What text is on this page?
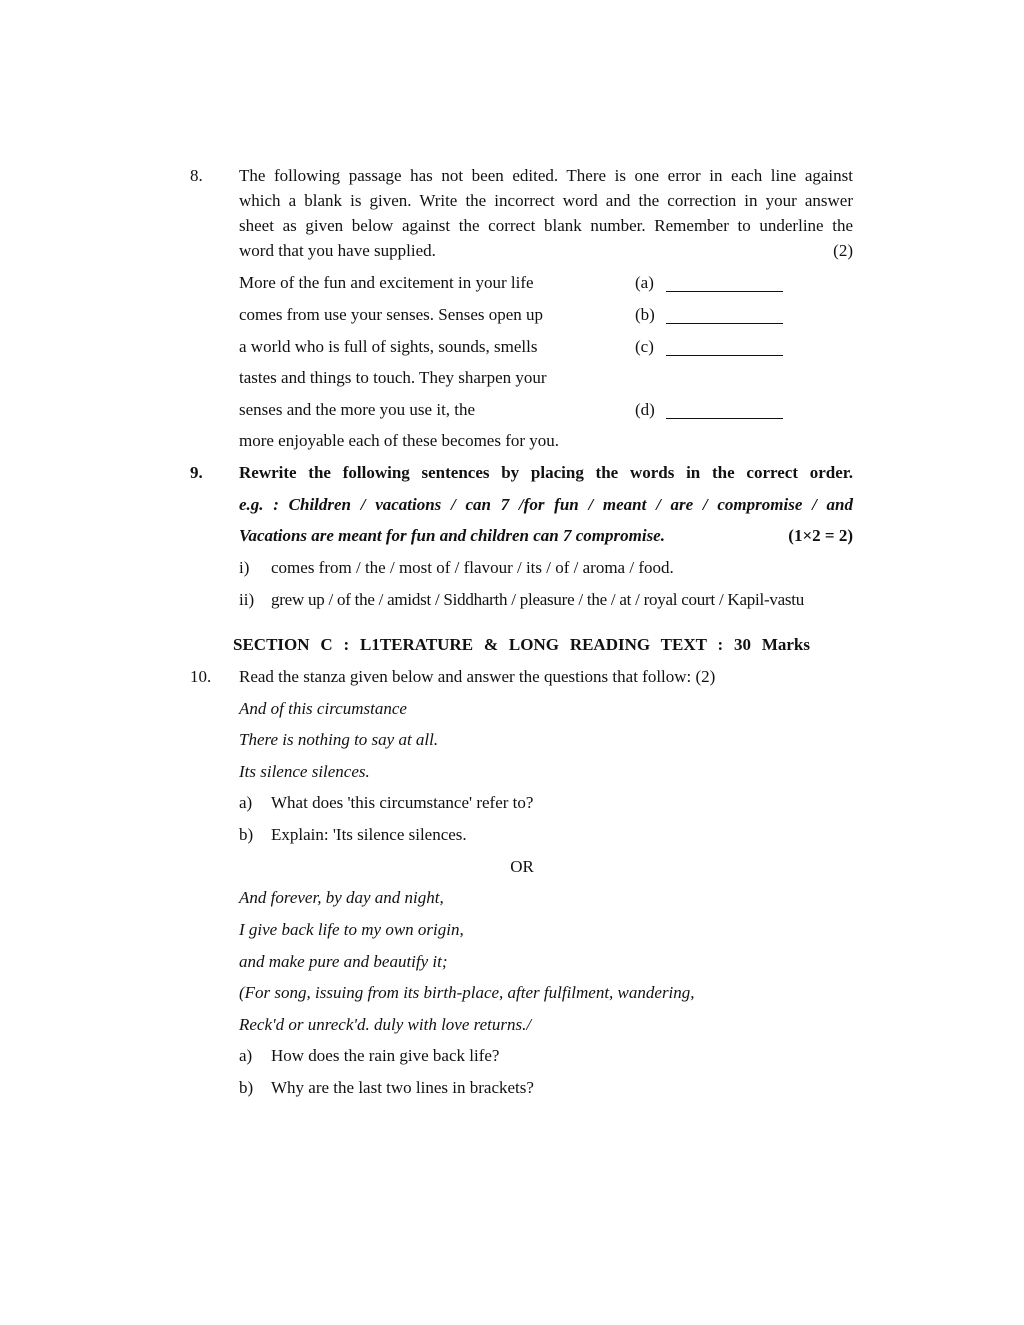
8. The following passage has not been edited. There is one error in each line against
which a blank is given. Write the incorrect word and the correction in your answer
sheet as given below against the correct blank number. Remember to underline the
word that you have supplied.	(2)
More of the fun and excitement in your life	(a)
comes from use your senses. Senses open up	(b)
a world who is full of sights, sounds, smells	(c)
tastes and things to touch. They sharpen your
senses and the more you use it, the	(d)
more enjoyable each of these becomes for you.
9. Rewrite the following sentences by placing the words in the correct order.
e.g. : Children / vacations / can 7 /for fun / meant / are / compromise / and
Vacations are meant for fun and children can 7 compromise.	(1×2 = 2)
i) comes from / the / most of / flavour / its / of / aroma / food.
ii) grew up / of the / amidst / Siddharth / pleasure / the / at / royal court / Kapil-vastu
SECTION C : L1TERATURE & LONG READING TEXT : 30 Marks
10. Read the stanza given below and answer the questions that follow: (2)
And of this circumstance
There is nothing to say at all.
Its silence silences.
a) What does 'this circumstance' refer to?
b) Explain: 'Its silence silences.
OR
And forever, by day and night,
I give back life to my own origin,
and make pure and beautify it;
(For song, issuing from its birth-place, after fulfilment, wandering,
Reck'd or unreck'd. duly with love returns./
a) How does the rain give back life?
b) Why are the last two lines in brackets?
